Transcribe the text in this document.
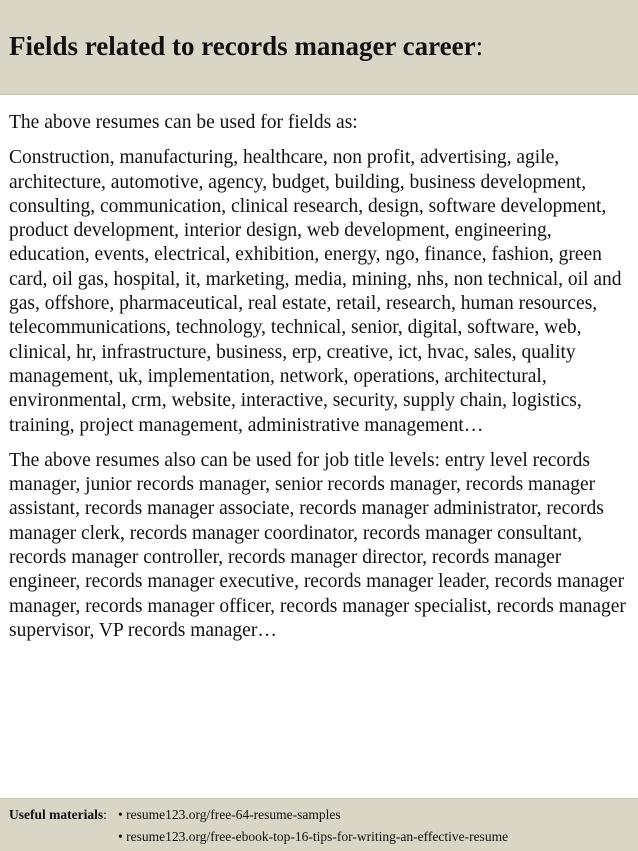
Fields related to records manager career:

The above resumes can be used for fields as:

Construction, manufacturing, healthcare, non profit, advertising, agile, architecture, automotive, agency, budget, building, business development, consulting, communication, clinical research, design, software development, product development, interior design, web development, engineering, education, events, electrical, exhibition, energy, ngo, finance, fashion, green card, oil gas, hospital, it, marketing, media, mining, nhs, non technical, oil and gas, offshore, pharmaceutical, real estate, retail, research, human resources, telecommunications, technology, technical, senior, digital, software, web, clinical, hr, infrastructure, business, erp, creative, ict, hvac, sales, quality management, uk, implementation, network, operations, architectural, environmental, crm, website, interactive, security, supply chain, logistics, training, project management, administrative management…

The above resumes also can be used for job title levels: entry level records manager, junior records manager, senior records manager, records manager assistant, records manager associate, records manager administrator, records manager clerk, records manager coordinator, records manager consultant, records manager controller, records manager director, records manager engineer, records manager executive, records manager leader, records manager manager, records manager officer, records manager specialist, records manager supervisor, VP records manager…

Useful materials: • resume123.org/free-64-resume-samples
• resume123.org/free-ebook-top-16-tips-for-writing-an-effective-resume
